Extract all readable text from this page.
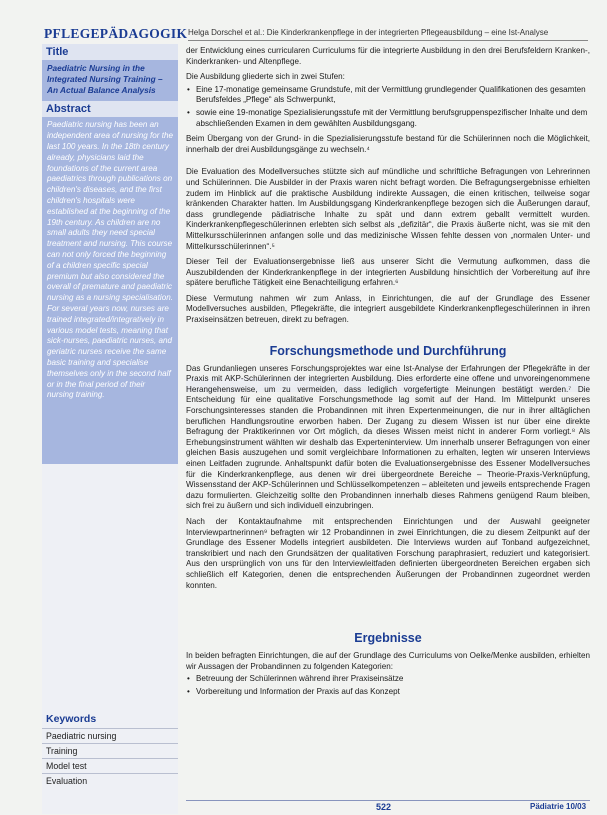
PFLEGEPÄDAGOGIK Helga Dorschel et al.: Die Kinderkrankenpflege in der integrierten Pflegeausbildung – eine Ist-Analyse
Title
Paediatric Nursing in the Integrated Nursing Training – An Actual Balance Analysis
Abstract
Paediatric nursing has been an independent area of nursing for the last 100 years. In the 18th century already, physicians laid the foundations of the current area paediatrics through publications on children's diseases, and the first children's hospitals were established at the beginning of the 19th century. As children are no small adults they need special treatment and nursing. This course can not only forced the beginning of a children specific special premium but also considered the overall of premature and paediatric nursing as a nursing specialisation. For several years now, nurses are trained integrated/integratively in various model tests, meaning that sick-nurses, paediatric nurses, and geriatric nurses receive the same basic training and specialise themselves only in the second half or in the final period of their nursing training.
Keywords
Paediatric nursing
Training
Model test
Evaluation

der Entwicklung eines curricularen Curriculums für die integrierte Ausbildung in den drei Berufsfeldern Kranken-, Kinderkranken- und Altenpflege.

Die Ausbildung gliederte sich in zwei Stufen:

• Eine 17-monatige gemeinsame Grundstufe, mit der Vermittlung grundlegender Qualifikationen des gesamten Berufsfeldes „Pflege“ als Schwerpunkt,
• sowie eine 19-monatige Spezialisierungsstufe mit der Vermittlung berufsgruppenspezifischer Inhalte und dem abschließenden Examen in dem gewählten Ausbildungsgang.

Beim Übergang von der Grund- in die Spezialisierungsstufe bestand für die Schülerinnen noch die Möglichkeit, innerhalb der drei Ausbildungsgänge zu wechseln.⁴

Die Evaluation des Modellversuches stützte sich auf mündliche und schriftliche Befragungen von Lehrerinnen und Schülerinnen. Die Ausbilder in der Praxis waren nicht befragt worden. Die Befragungsergebnisse erhielten zudem im Hinblick auf die praktische Ausbildung indirekte Aussagen, die einen kritischen, teilweise sogar kränkenden Charakter hatten. Im Ausbildungsgang Kinderkrankenpflege bezogen sich die Äußerungen darauf, dass grundlegende pädiatrische Inhalte zu spät und dann extrem geballt vermittelt wurden. Kinderkrankenpflegeschülerinnen erlebten sich selbst als „defizitär“, die Praxis äußerte nicht, was sie mit den Mittelkursschülerinnen anfangen solle und das medizinische Wissen fehlte dessen von „normalen Unter- und Mittelkursschülerinnen“.⁵

Dieser Teil der Evaluationsergebnisse ließ aus unserer Sicht die Vermutung aufkommen, dass die Auszubildenden der Kinderkrankenpflege in der integrierten Ausbildung hinsichtlich der Vorbereitung auf ihre spätere berufliche Tätigkeit eine Benachteiligung erfahren.⁶

Diese Vermutung nahmen wir zum Anlass, in Einrichtungen, die auf der Grundlage des Essener Modellversuches ausbilden, Pflegekräfte, die integriert ausgebildete Kinderkrankenpflegeschülerinnen in ihren Praxiseinsätzen betreuen, direkt zu befragen.

Forschungsmethode und Durchführung

Das Grundanliegen unseres Forschungsprojektes war eine Ist-Analyse der Erfahrungen der Pflegekräfte in der Praxis mit AKP-Schülerinnen der integrierten Ausbildung. Dies erforderte eine offene und unvoreingenommene Herangehensweise, um zu vermeiden, dass lediglich vorgefertigte Meinungen bestätigt werden.⁷ Die Entscheidung für eine qualitative Forschungsmethode lag somit auf der Hand. Im Mittelpunkt unseres Forschungsinteresses standen die Probandinnen mit ihren Expertenmeinungen, die nur in ihrer alltäglichen beruflichen Handlungsroutine erworben haben. Der Zugang zu diesem Wissen ist nur über eine direkte Befragung der Praktikerinnen vor Ort möglich, da dieses Wissen meist nicht in anderer Form vorliegt.⁸ Als Erhebungsinstrument wählten wir deshalb das Experteninterview. Um innerhalb unserer Befragungen von einer gleichen Basis auszugehen und somit vergleichbare Informationen zu erhalten, legten wir unseren Interviews einen Leitfaden zugrunde. Anhaltspunkt dafür boten die Evaluationsergebnisse des Essener Modellversuches für die Kinderkrankenpflege, aus denen wir drei übergeordnete Bereiche – Theorie-Praxis-Verknüpfung, Wissensstand der AKP-Schülerinnen und Schlüsselkompetenzen – ableiteten und jeweils entsprechende Fragen dazu formulierten. Gleichzeitig sollte den Probandinnen innerhalb dieses Rahmens genügend Raum bleiben, sich frei zu äußern und sich individuell einzubringen.

Nach der Kontaktaufnahme mit entsprechenden Einrichtungen und der Auswahl geeigneter Interviewpartnerinnen⁹ befragten wir 12 Probandinnen in zwei Einrichtungen, die zu diesem Zeitpunkt auf der Grundlage des Essener Modells integriert ausbildeten. Die Interviews wurden auf Tonband aufgezeichnet, transkribiert und nach den Grundsätzen der qualitativen Forschung paraphrasiert, reduziert und kategorisiert. Aus den ursprünglich von uns für den Interviewleitfaden definierten übergeordneten Bereichen ergaben sich schließlich elf Kategorien, denen die entsprechenden Äußerungen der Probandinnen zugeordnet werden konnten.

Ergebnisse

In beiden befragten Einrichtungen, die auf der Grundlage des Curriculums von Oelke/Menke ausbilden, erhielten wir Aussagen der Probandinnen zu folgenden Kategorien:

• Betreuung der Schülerinnen während ihrer Praxiseinsätze
• Vorbereitung und Information der Praxis auf das Konzept
522	Pädiatrie 10/03
